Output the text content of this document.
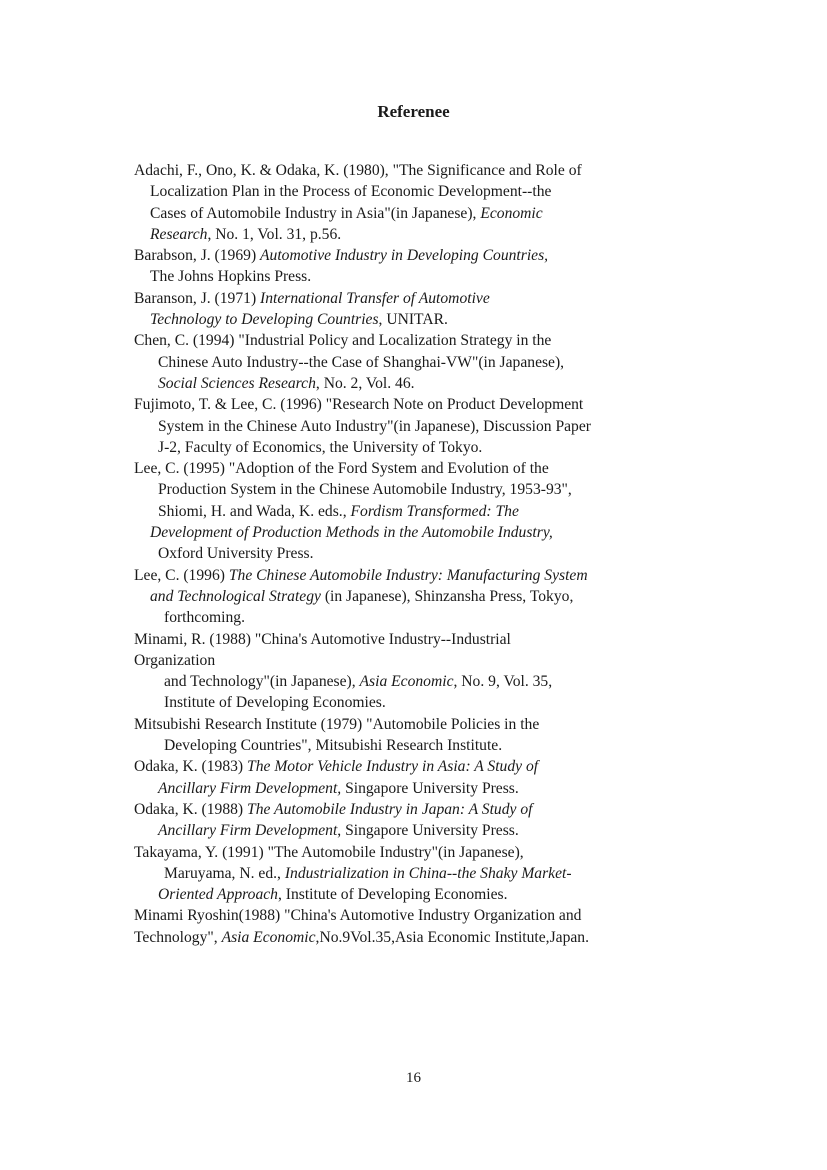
Referenee
Adachi, F., Ono, K. & Odaka, K. (1980), "The Significance and Role of
Localization Plan in the Process of Economic Development--the
Cases of Automobile Industry in Asia"(in Japanese), Economic
Research, No. 1, Vol. 31, p.56.
Barabson, J. (1969) Automotive Industry in Developing Countries,
The Johns Hopkins Press.
Baranson, J. (1971) International Transfer of Automotive
Technology to Developing Countries, UNITAR.
Chen, C. (1994) "Industrial Policy and Localization Strategy in the
Chinese Auto Industry--the Case of Shanghai-VW"(in Japanese),
Social Sciences Research, No. 2, Vol. 46.
Fujimoto, T. & Lee, C. (1996) "Research Note on Product Development
System in the Chinese Auto Industry"(in Japanese), Discussion Paper
J-2, Faculty of Economics, the University of Tokyo.
Lee, C. (1995) "Adoption of the Ford System and Evolution of the
Production System in the Chinese Automobile Industry, 1953-93",
Shiomi, H. and Wada, K. eds., Fordism Transformed: The
Development of Production Methods in the Automobile Industry,
Oxford University Press.
Lee, C. (1996) The Chinese Automobile Industry: Manufacturing System
and Technological Strategy (in Japanese), Shinzansha Press, Tokyo,
forthcoming.
Minami, R. (1988) "China's Automotive Industry--Industrial
Organization
and Technology"(in Japanese), Asia Economic, No. 9, Vol. 35,
Institute of Developing Economies.
Mitsubishi Research Institute (1979) "Automobile Policies in the
Developing Countries", Mitsubishi Research Institute.
Odaka, K. (1983) The Motor Vehicle Industry in Asia: A Study of
Ancillary Firm Development, Singapore University Press.
Odaka, K. (1988) The Automobile Industry in Japan: A Study of
Ancillary Firm Development, Singapore University Press.
Takayama, Y. (1991) "The Automobile Industry"(in Japanese),
Maruyama, N. ed., Industrialization in China--the Shaky Market-
Oriented Approach, Institute of Developing Economies.
Minami Ryoshin(1988) "China's Automotive Industry Organization and
Technology", Asia Economic,No.9Vol.35,Asia Economic Institute,Japan.
16
